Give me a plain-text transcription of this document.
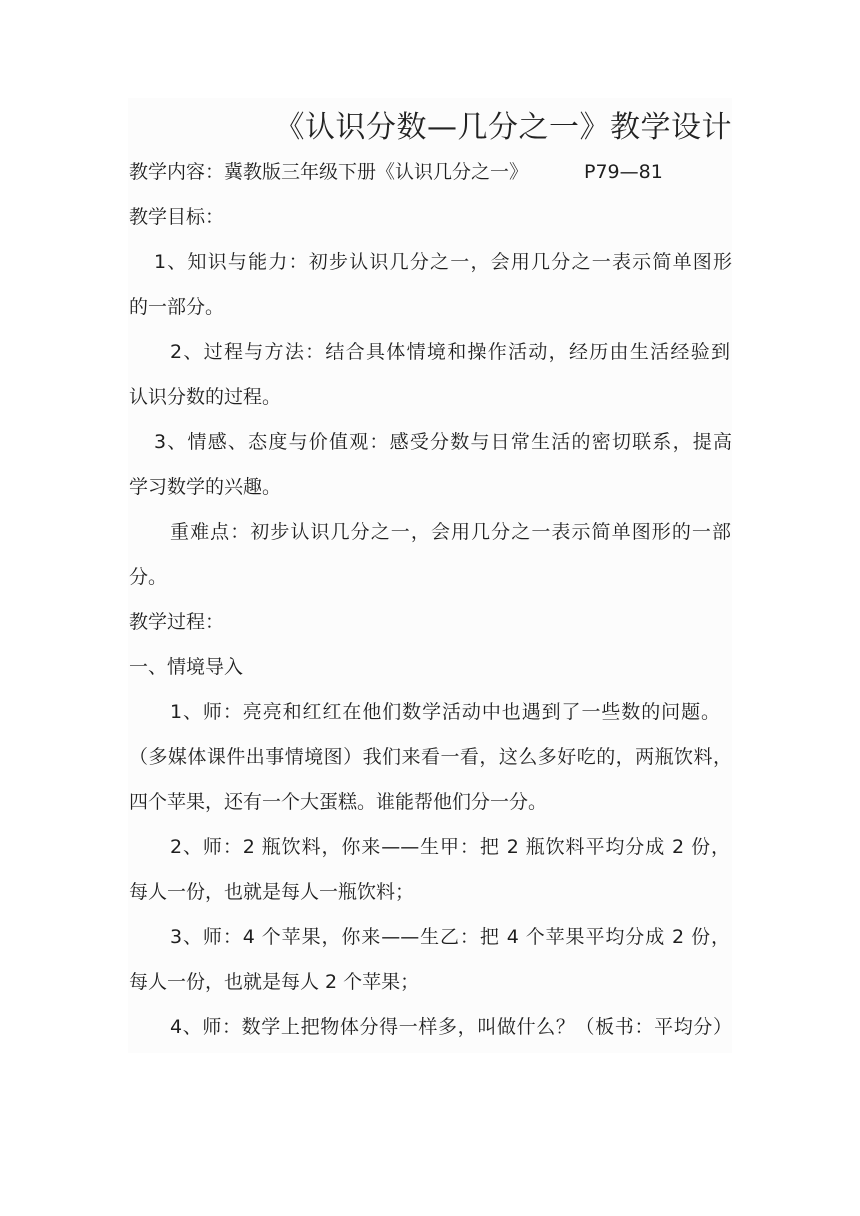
《认识分数—几分之一》教学设计
教学内容：冀教版三年级下册《认识几分之一》	P79—81
教学目标：
1、知识与能力：初步认识几分之一，会用几分之一表示简单图形
的一部分。
2、过程与方法：结合具体情境和操作活动，经历由生活经验到
认识分数的过程。
3、情感、态度与价值观：感受分数与日常生活的密切联系，提高
学习数学的兴趣。
重难点：初步认识几分之一，会用几分之一表示简单图形的一部
分。
教学过程：
一、情境导入
1、师：亮亮和红红在他们数学活动中也遇到了一些数的问题。
（多媒体课件出事情境图）我们来看一看，这么多好吃的，两瓶饮料，
四个苹果，还有一个大蛋糕。谁能帮他们分一分。
2、师：2 瓶饮料，你来——生甲：把 2 瓶饮料平均分成 2 份，
每人一份，也就是每人一瓶饮料；
3、师：4 个苹果，你来——生乙：把 4 个苹果平均分成 2 份，
每人一份，也就是每人 2 个苹果；
4、师：数学上把物体分得一样多，叫做什么？（板书：平均分）
